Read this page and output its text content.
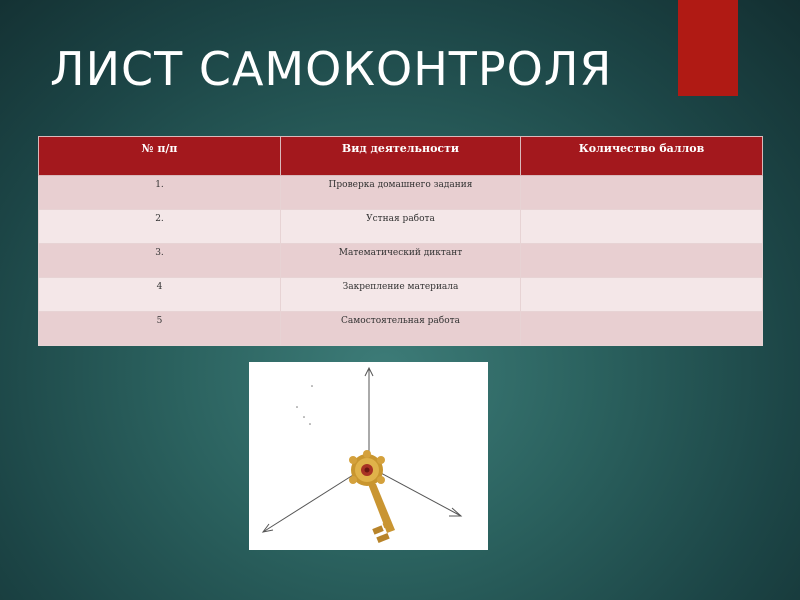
ЛИСТ САМОКОНТРОЛЯ
№ п/п	Вид деятельности	Количество баллов
1.	Проверка домашнего задания	
2.	Устная работа	
3.	Математический диктант	
4	Закрепление материала	
5	Самостоятельная работа	
